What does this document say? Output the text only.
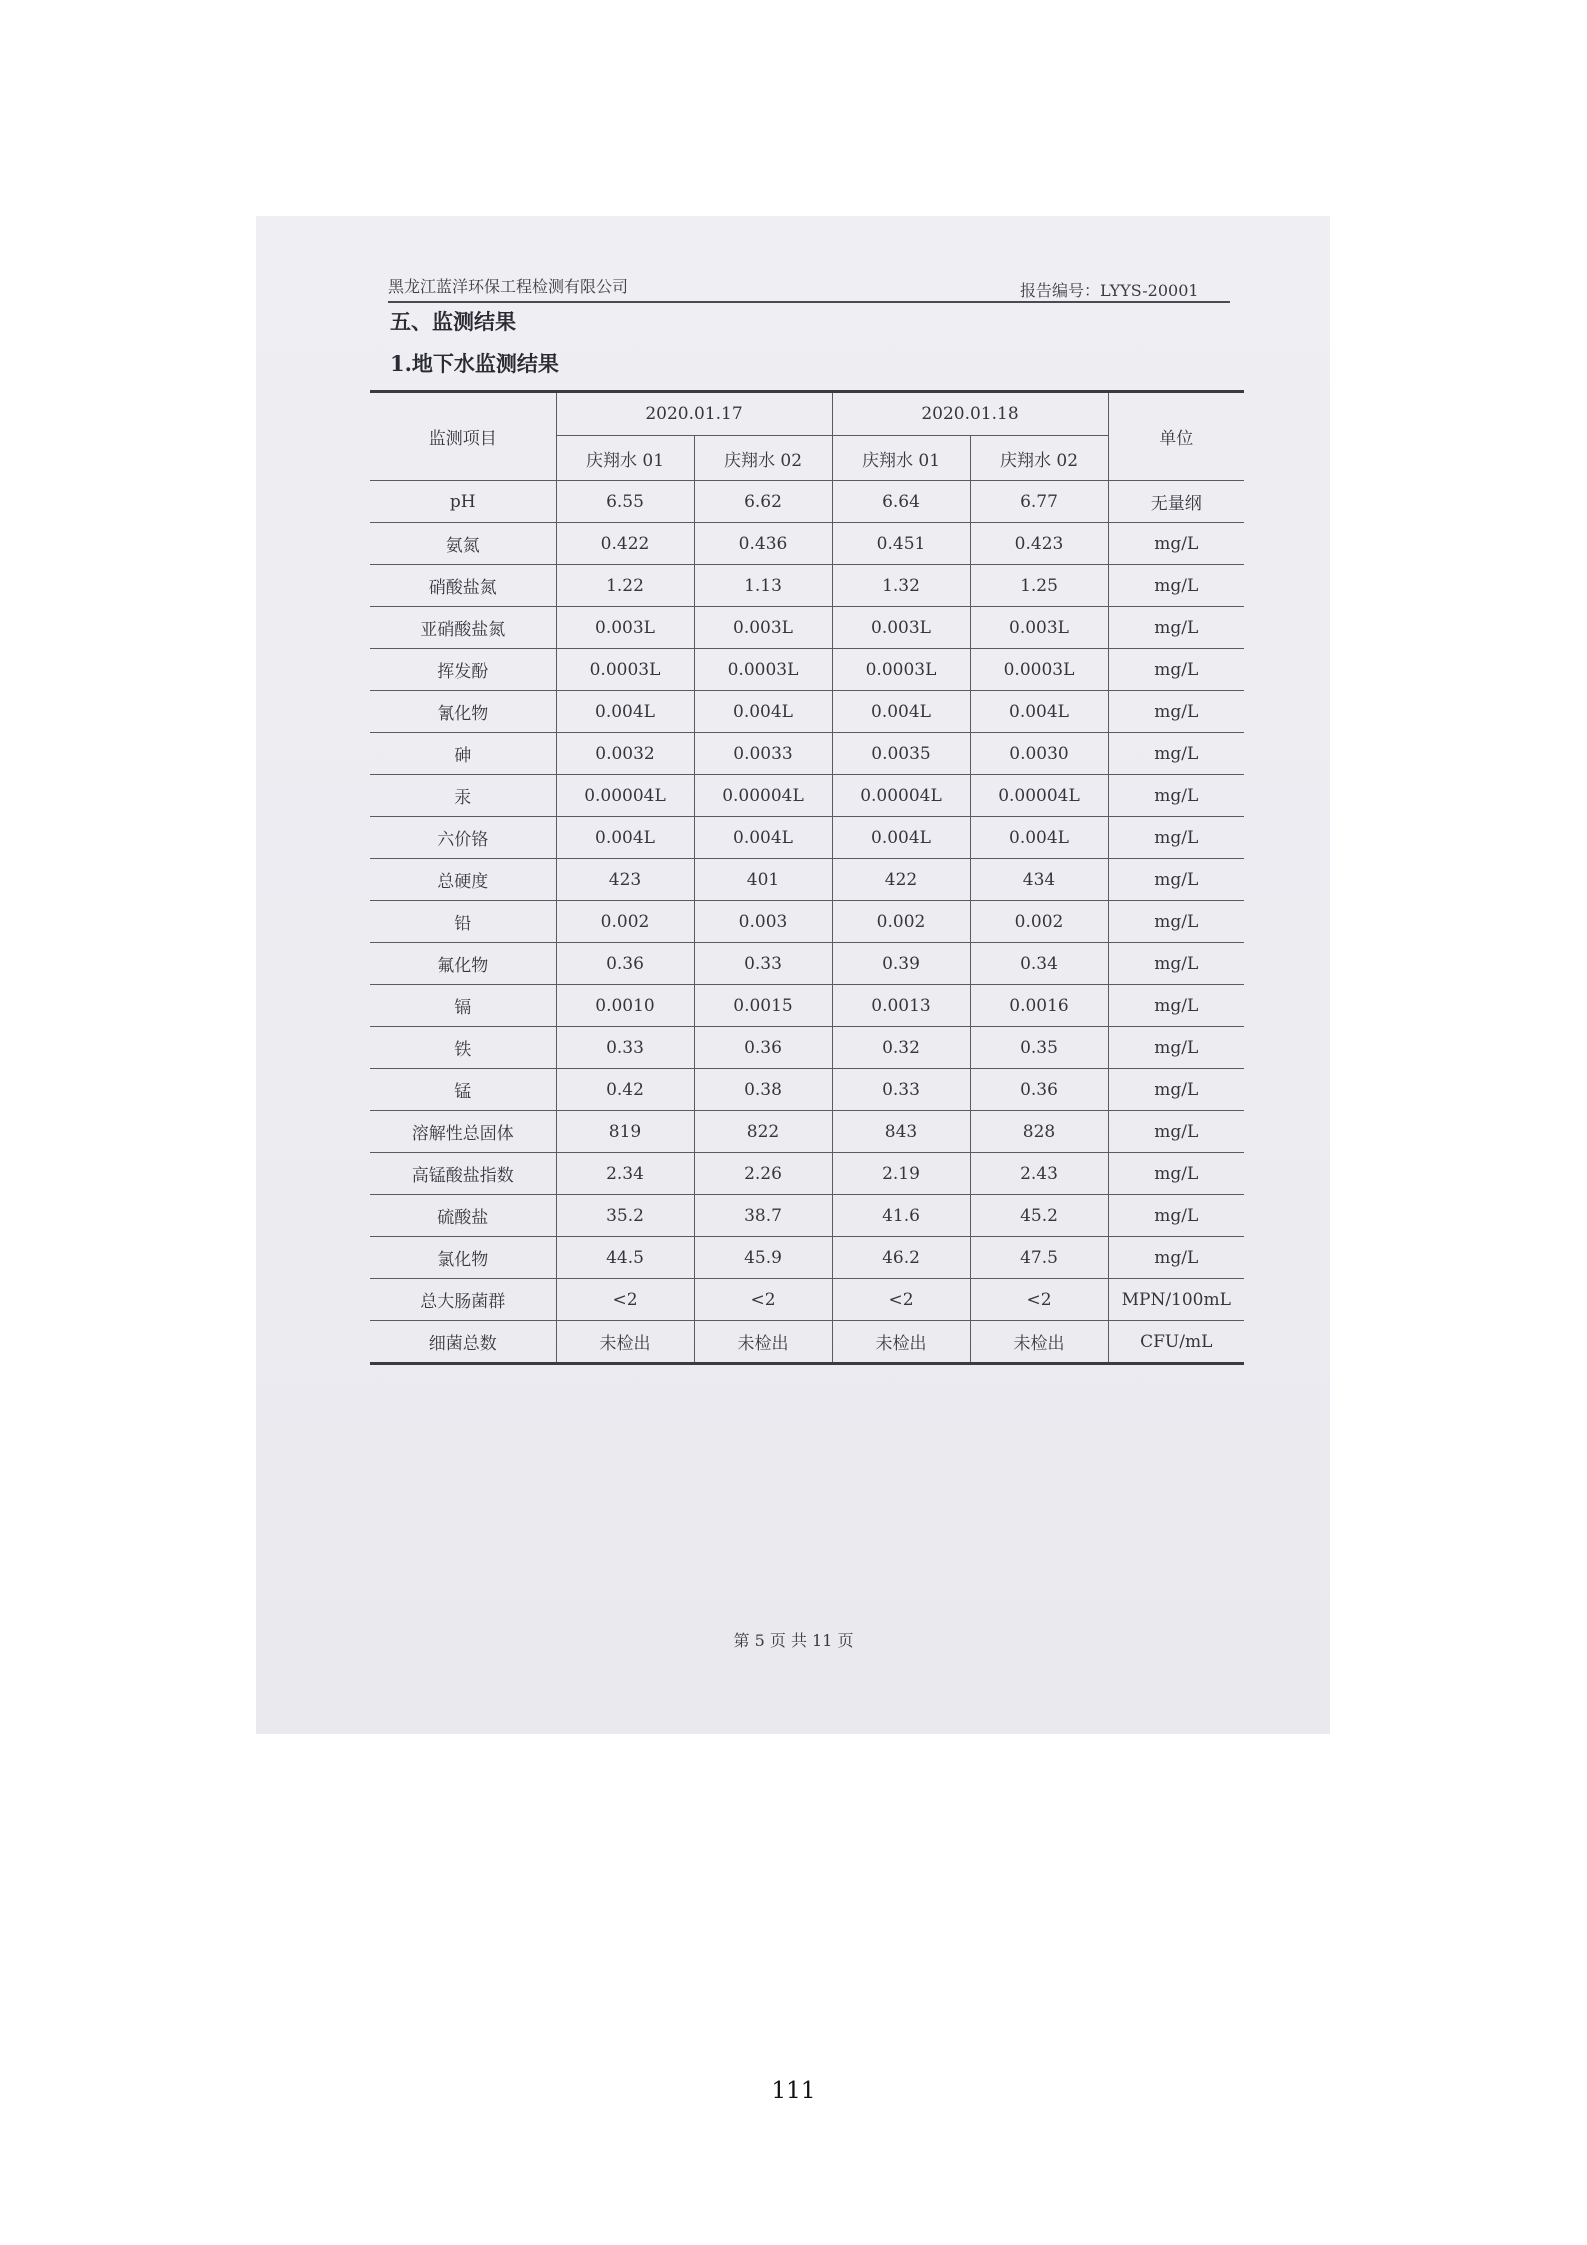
黑龙江蓝洋环保工程检测有限公司	报告编号：LYYS-20001
五、监测结果
1.地下水监测结果
监测项目	2020.01.17		2020.01.18		单位
	庆翔水 01	庆翔水 02	庆翔水 01	庆翔水 02	
pH	6.55	6.62	6.64	6.77	无量纲
氨氮	0.422	0.436	0.451	0.423	mg/L
硝酸盐氮	1.22	1.13	1.32	1.25	mg/L
亚硝酸盐氮	0.003L	0.003L	0.003L	0.003L	mg/L
挥发酚	0.0003L	0.0003L	0.0003L	0.0003L	mg/L
氰化物	0.004L	0.004L	0.004L	0.004L	mg/L
砷	0.0032	0.0033	0.0035	0.0030	mg/L
汞	0.00004L	0.00004L	0.00004L	0.00004L	mg/L
六价铬	0.004L	0.004L	0.004L	0.004L	mg/L
总硬度	423	401	422	434	mg/L
铅	0.002	0.003	0.002	0.002	mg/L
氟化物	0.36	0.33	0.39	0.34	mg/L
镉	0.0010	0.0015	0.0013	0.0016	mg/L
铁	0.33	0.36	0.32	0.35	mg/L
锰	0.42	0.38	0.33	0.36	mg/L
溶解性总固体	819	822	843	828	mg/L
高锰酸盐指数	2.34	2.26	2.19	2.43	mg/L
硫酸盐	35.2	38.7	41.6	45.2	mg/L
氯化物	44.5	45.9	46.2	47.5	mg/L
总大肠菌群	<2	<2	<2	<2	MPN/100mL
细菌总数	未检出	未检出	未检出	未检出	CFU/mL
第 5 页 共 11 页
111
